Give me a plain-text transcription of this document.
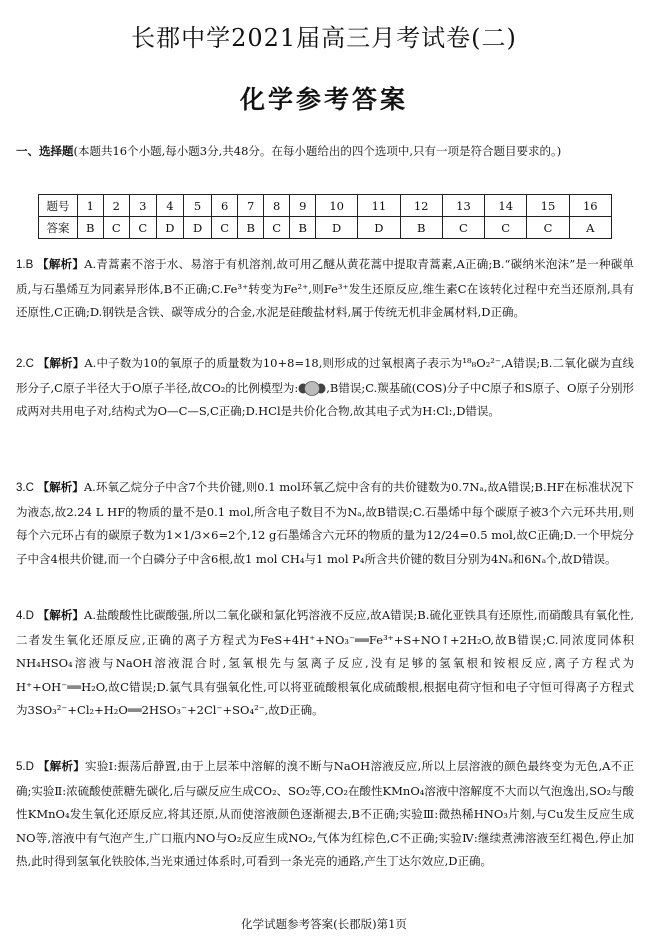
长郡中学2021届高三月考试卷(二)
化学参考答案
一、选择题(本题共16个小题,每小题3分,共48分。在每小题给出的四个选项中,只有一项是符合题目要求的。)
题号	1	2	3	4	5	6	7	8	9	10	11	12	13	14	15	16
答案	B	C	C	D	D	C	B	C	B	D	D	B	C	C	C	A

1.B 【解析】A.青蒿素不溶于水、易溶于有机溶剂,故可用乙醚从黄花蒿中提取青蒿素,A正确;B.“碳纳米泡沫”是一种碳单质,与石墨烯互为同素异形体,B不正确;C.Fe³⁺转变为Fe²⁺,则Fe³⁺发生还原反应,维生素C在该转化过程中充当还原剂,具有还原性,C正确;D.钢铁是含铁、碳等成分的合金,水泥是硅酸盐材料,属于传统无机非金属材料,D正确。

2.C 【解析】A.中子数为10的氧原子的质量数为10+8=18,则形成的过氧根离子表示为¹⁸₈O₂²⁻,A错误;B.二氧化碳为直线形分子,C原子半径大于O原子半径,故CO₂的比例模型为: ,B错误;C.羰基硫(COS)分子中C原子和S原子、O原子分别形成两对共用电子对,结构式为O—C—S,C正确;D.HCl是共价化合物,故其电子式为H:Cl:,D错误。

3.C 【解析】A.环氧乙烷分子中含7个共价键,则0.1 mol环氧乙烷中含有的共价键数为0.7Nₐ,故A错误;B.HF在标准状况下为液态,故2.24 L HF的物质的量不是0.1 mol,所含电子数目不为Nₐ,故B错误;C.石墨烯中每个碳原子被3个六元环共用,则每个六元环占有的碳原子数为1×1/3×6=2个,12 g石墨烯含六元环的物质的量为12/24=0.5 mol,故C正确;D.一个甲烷分子中含4根共价键,而一个白磷分子中含6根,故1 mol CH₄与1 mol P₄所含共价键的数目分别为4Nₐ和6Nₐ个,故D错误。

4.D 【解析】A.盐酸酸性比碳酸强,所以二氧化碳和氯化钙溶液不反应,故A错误;B.硫化亚铁具有还原性,而硝酸具有氧化性,二者发生氧化还原反应,正确的离子方程式为FeS+4H⁺+NO₃⁻══Fe³⁺+S+NO↑+2H₂O,故B错误;C.同浓度同体积NH₄HSO₄溶液与NaOH溶液混合时,氢氧根先与氢离子反应,没有足够的氢氧根和铵根反应,离子方程式为H⁺+OH⁻══H₂O,故C错误;D.氯气具有强氧化性,可以将亚硫酸根氧化成硫酸根,根据电荷守恒和电子守恒可得离子方程式为3SO₃²⁻+Cl₂+H₂O══2HSO₃⁻+2Cl⁻+SO₄²⁻,故D正确。

5.D 【解析】实验Ⅰ:振荡后静置,由于上层苯中溶解的溴不断与NaOH溶液反应,所以上层溶液的颜色最终变为无色,A不正确;实验Ⅱ:浓硫酸使蔗糖先碳化,后与碳反应生成CO₂、SO₂等,CO₂在酸性KMnO₄溶液中溶解度不大而以气泡逸出,SO₂与酸性KMnO₄发生氧化还原反应,将其还原,从而使溶液颜色逐渐褪去,B不正确;实验Ⅲ:微热稀HNO₃片刻,与Cu发生反应生成NO等,溶液中有气泡产生,广口瓶内NO与O₂反应生成NO₂,气体为红棕色,C不正确;实验Ⅳ:继续煮沸溶液至红褐色,停止加热,此时得到氢氧化铁胶体,当光束通过体系时,可看到一条光亮的通路,产生丁达尔效应,D正确。

化学试题参考答案(长郡版)第1页
